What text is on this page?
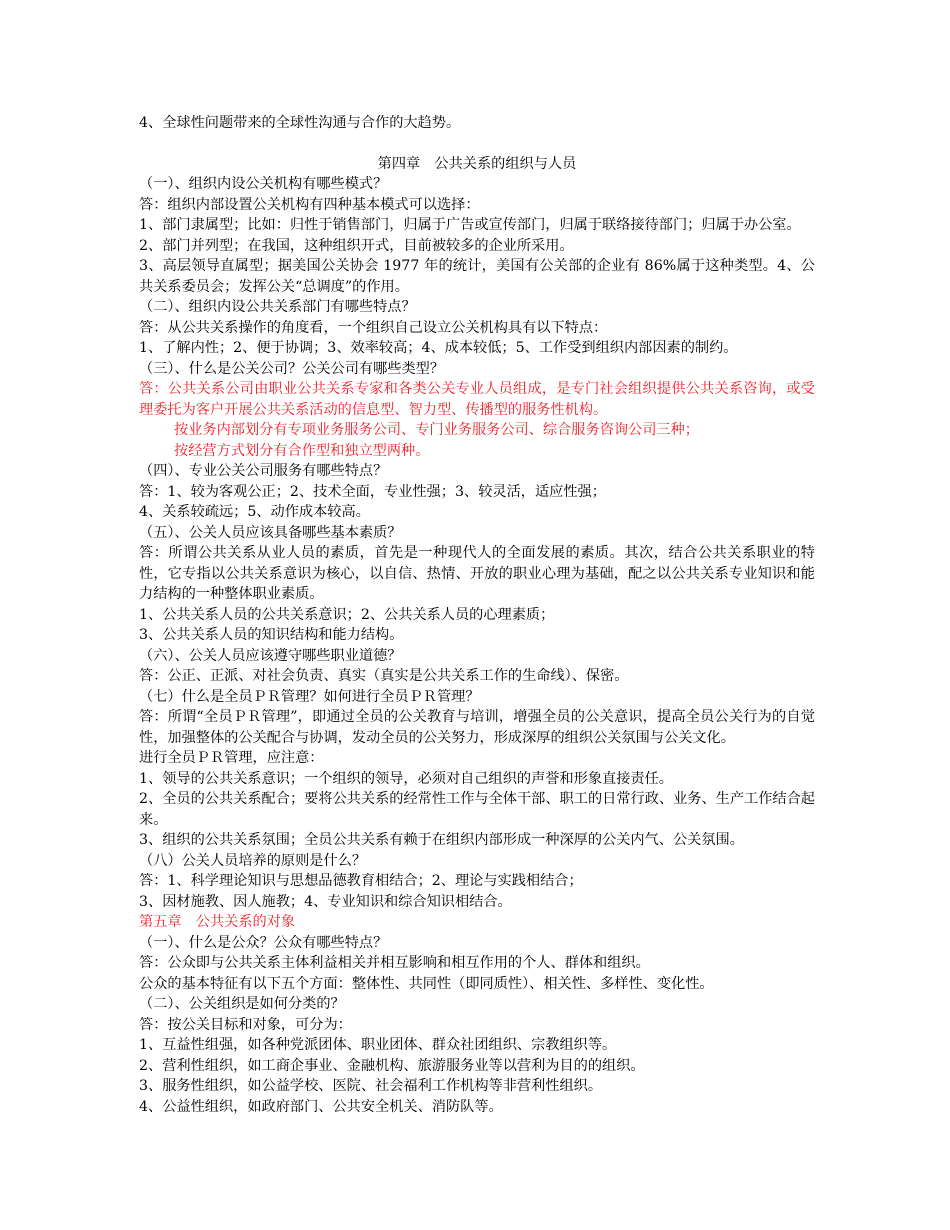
4、全球性问题带来的全球性沟通与合作的大趋势。

第四章　公共关系的组织与人员

（一）、组织内设公关机构有哪些模式？

答：组织内部设置公关机构有四种基本模式可以选择：

1、部门隶属型；比如：归性于销售部门，归属于广告或宣传部门，归属于联络接待部门；归属于办公室。

2、部门并列型；在我国，这种组织开式，目前被较多的企业所采用。

3、高层领导直属型；据美国公关协会 1977 年的统计，美国有公关部的企业有 86%属于这种类型。4、公共关系委员会；发挥公关“总调度”的作用。

（二）、组织内设公共关系部门有哪些特点？

答：从公共关系操作的角度看，一个组织自己设立公关机构具有以下特点：

1、了解内性；2、便于协调；3、效率较高；4、成本较低；5、工作受到组织内部因素的制约。

（三）、什么是公关公司？公关公司有哪些类型？

答：公共关系公司由职业公共关系专家和各类公关专业人员组成，是专门社会组织提供公共关系咨询，或受理委托为客户开展公共关系活动的信息型、智力型、传播型的服务性机构。

按业务内部划分有专项业务服务公司、专门业务服务公司、综合服务咨询公司三种；

按经营方式划分有合作型和独立型两种。

（四）、专业公关公司服务有哪些特点？

答：1、较为客观公正；2、技术全面，专业性强；3、较灵活，适应性强；

4、关系较疏远；5、动作成本较高。

（五）、公关人员应该具备哪些基本素质？

答：所谓公共关系从业人员的素质，首先是一种现代人的全面发展的素质。其次，结合公共关系职业的特性，它专指以公共关系意识为核心，以自信、热情、开放的职业心理为基础，配之以公共关系专业知识和能力结构的一种整体职业素质。

1、公共关系人员的公共关系意识；2、公共关系人员的心理素质；

3、公共关系人员的知识结构和能力结构。

（六）、公关人员应该遵守哪些职业道德？

答：公正、正派、对社会负责、真实（真实是公共关系工作的生命线）、保密。

（七）什么是全员ＰＲ管理？如何进行全员ＰＲ管理？

答：所谓“全员ＰＲ管理”，即通过全员的公关教育与培训，增强全员的公关意识，提高全员公关行为的自觉性，加强整体的公关配合与协调，发动全员的公关努力，形成深厚的组织公关氛围与公关文化。

进行全员ＰＲ管理，应注意：

1、领导的公共关系意识；一个组织的领导，必须对自己组织的声誉和形象直接责任。

2、全员的公共关系配合；要将公共关系的经常性工作与全体干部、职工的日常行政、业务、生产工作结合起来。

3、组织的公共关系氛围；全员公共关系有赖于在组织内部形成一种深厚的公关内气、公关氛围。

（八）公关人员培养的原则是什么？

答：1、科学理论知识与思想品德教育相结合；2、理论与实践相结合；

3、因材施教、因人施教；4、专业知识和综合知识相结合。

第五章　公共关系的对象

（一）、什么是公众？公众有哪些特点？

答：公众即与公共关系主体利益相关并相互影响和相互作用的个人、群体和组织。

公众的基本特征有以下五个方面：整体性、共同性（即同质性）、相关性、多样性、变化性。

（二）、公关组织是如何分类的？

答：按公关目标和对象，可分为：

1、互益性组强，如各种党派团体、职业团体、群众社团组织、宗教组织等。

2、营利性组织，如工商企事业、金融机构、旅游服务业等以营利为目的的组织。

3、服务性组织，如公益学校、医院、社会福利工作机构等非营利性组织。

4、公益性组织，如政府部门、公共安全机关、消防队等。
